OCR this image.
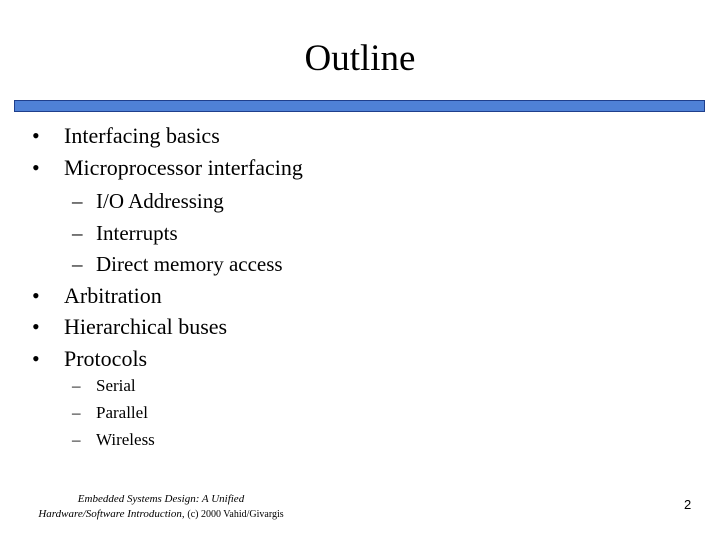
Outline
• Interfacing basics
• Microprocessor interfacing
– I/O Addressing
– Interrupts
– Direct memory access
• Arbitration
• Hierarchical buses
• Protocols
– Serial
– Parallel
– Wireless
Embedded Systems Design: A Unified
Hardware/Software Introduction, (c) 2000 Vahid/Givargis
2
